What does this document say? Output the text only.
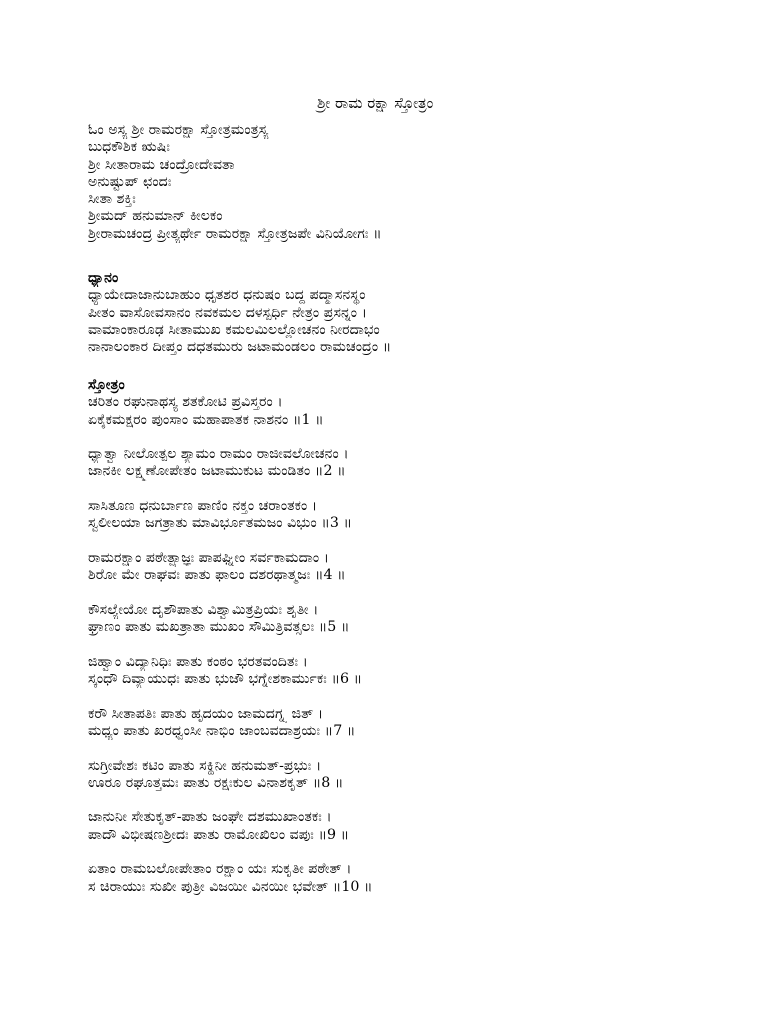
ಶ್ರೀ ರಾಮ ರಕ್ಷಾ ಸ್ತೋತ್ರಂ
ಓಂ ಅಸ್ಯ ಶ್ರೀ ರಾಮರಕ್ಷಾ ಸ್ತೋತ್ರಮಂತ್ರಸ್ಯ
ಬುಧಕೌಶಿಕ ಋಷಿಃ
ಶ್ರೀ ಸೀತಾರಾಮ ಚಂದ್ರೋದೇವತಾ
ಅನುಷ್ಟುಪ್ ಛಂದಃ
ಸೀತಾ ಶಕ್ತಿಃ
ಶ್ರೀಮದ್ ಹನುಮಾನ್ ಕೀಲಕಂ
ಶ್ರೀರಾಮಚಂದ್ರ ಪ್ರೀತ್ಯರ್ಥೇ ರಾಮರಕ್ಷಾ ಸ್ತೋತ್ರಜಪೇ ವಿನಿಯೋಗಃ ॥
ಧ್ಯಾನಂ
ಧ್ಯಾಯೇದಾಜಾನುಬಾಹುಂ ಧೃತಶರ ಧನುಷಂ ಬದ್ದ ಪದ್ಮಾಸನಸ್ಥಂ
ಪೀತಂ ವಾಸೋವಸಾನಂ ನವಕಮಲ ದಳಸ್ಪರ್ಧಿ ನೇತ್ರಂ ಪ್ರಸನ್ನಂ ।
ವಾಮಾಂಕಾರೂಢ ಸೀತಾಮುಖ ಕಮಲಮಿಲಲ್ಲೋಚನಂ ನೀರದಾಭಂ
ನಾನಾಲಂಕಾರ ದೀಪ್ತಂ ದಧತಮುರು ಜಟಾಮಂಡಲಂ ರಾಮಚಂದ್ರಂ ॥
ಸ್ತೋತ್ರಂ
ಚರಿತಂ ರಘುನಾಥಸ್ಯ ಶತಕೋಟಿ ಪ್ರವಿಸ್ತರಂ ।
ಏಕೈಕಮಕ್ಷರಂ ಪುಂಸಾಂ ಮಹಾಪಾತಕ ನಾಶನಂ ॥1 ॥
ಧ್ಯಾತ್ವಾ ನೀಲೋತ್ಪಲ ಶ್ಯಾಮಂ ರಾಮಂ ರಾಜೀವಲೋಚನಂ ।
ಜಾನಕೀ ಲಕ್ಷ್ಮಣೋಪೇತಂ ಜಟಾಮುಕುಟ ಮಂಡಿತಂ ॥2 ॥
ಸಾಸಿತೂಣ ಧನುರ್ಬಾಣ ಪಾಣಿಂ ನಕ್ತಂ ಚರಾಂತಕಂ ।
ಸ್ವಲೀಲಯಾ ಜಗತ್ರಾತು ಮಾವಿರ್ಭೂತಮಜಂ ವಿಭುಂ ॥3 ॥
ರಾಮರಕ್ಷಾಂ ಪಠೇತ್ಪ್ರಾಜ್ಞಃ ಪಾಪಘ್ನೀಂ ಸರ್ವಕಾಮದಾಂ ।
ಶಿರೋ ಮೇ ರಾಘವಃ ಪಾತು ಫಾಲಂ ದಶರಥಾತ್ಮಜಃ ॥4 ॥
ಕೌಸಲ್ಯೇಯೋ ದೃಶೌಪಾತು ವಿಶ್ವಾಮಿತ್ರಪ್ರಿಯಃ ಶೃತೀ ।
ಘ್ರಾಣಂ ಪಾತು ಮಖತ್ರಾತಾ ಮುಖಂ ಸೌಮಿತ್ರಿವತ್ಸಲಃ ॥5 ॥
ಜಿಹ್ವಾಂ ವಿದ್ಯಾನಿಧಿಃ ಪಾತು ಕಂಠಂ ಭರತವಂದಿತಃ ।
ಸ್ಕಂಧೌ ದಿವ್ಯಾಯುಧಃ ಪಾತು ಭುಜೌ ಭಗ್ನೇಶಕಾರ್ಮುಕಃ ॥6 ॥
ಕರೌ ಸೀತಾಪತಿಃ ಪಾತು ಹೃದಯಂ ಜಾಮದಗ್ನ್ಯ ಜಿತ್ ।
ಮಧ್ಯಂ ಪಾತು ಖರಧ್ವಂಸೀ ನಾಭಿಂ ಜಾಂಬವದಾಶ್ರಯಃ ॥7 ॥
ಸುಗ್ರೀವೇಶಃ ಕಟಿಂ ಪಾತು ಸಕ್ಥಿನೀ ಹನುಮತ್-ಪ್ರಭುಃ ।
ಊರೂ ರಘೂತ್ತಮಃ ಪಾತು ರಕ್ಷಃಕುಲ ವಿನಾಶಕೃತ್ ॥8 ॥
ಜಾನುನೀ ಸೇತುಕೃತ್-ಪಾತು ಜಂಘೇ ದಶಮುಖಾಂತಕಃ ।
ಪಾದೌ ವಿಭೀಷಣಶ್ರೀದಃ ಪಾತು ರಾಮೋಖಿಲಂ ವಪುಃ ॥9 ॥
ಏತಾಂ ರಾಮಬಲೋಪೇತಾಂ ರಕ್ಷಾಂ ಯಃ ಸುಕೃತೀ ಪಠೇತ್ ।
ಸ ಚಿರಾಯುಃ ಸುಖೀ ಪುತ್ರೀ ವಿಜಯೀ ವಿನಯೀ ಭವೇತ್ ॥10 ॥
